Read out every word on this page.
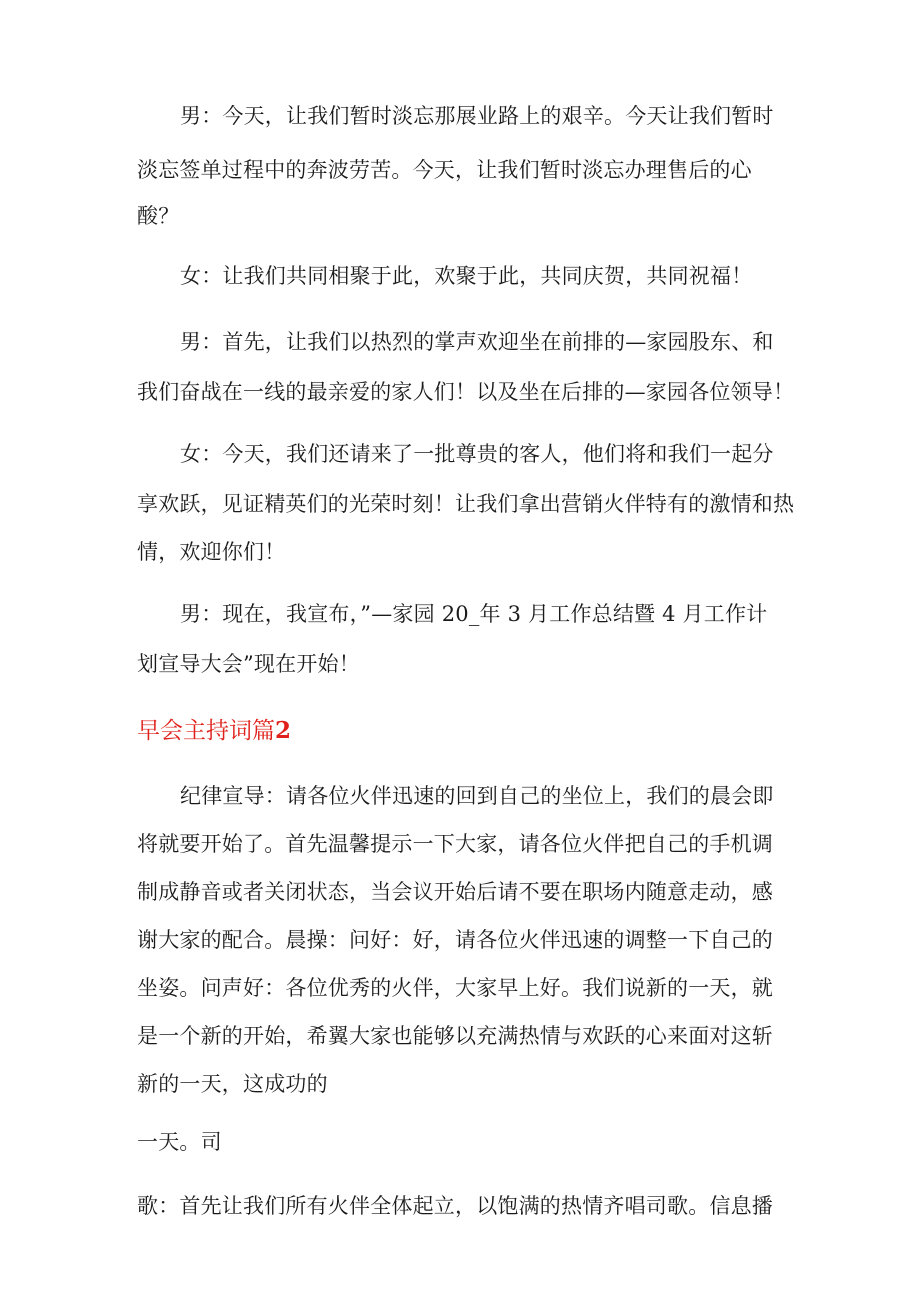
男：今天，让我们暂时淡忘那展业路上的艰辛。今天让我们暂时
淡忘签单过程中的奔波劳苦。今天，让我们暂时淡忘办理售后的心
酸？
女：让我们共同相聚于此，欢聚于此，共同庆贺，共同祝福！
男：首先，让我们以热烈的掌声欢迎坐在前排的—家园股东、和
我们奋战在一线的最亲爱的家人们！以及坐在后排的—家园各位领导！
女：今天，我们还请来了一批尊贵的客人，他们将和我们一起分
享欢跃，见证精英们的光荣时刻！让我们拿出营销火伴特有的激情和热
情，欢迎你们！
男：现在，我宣布，”—家园 20_年 3 月工作总结暨 4 月工作计
划宣导大会”现在开始！
早会主持词篇2
纪律宣导：请各位火伴迅速的回到自己的坐位上，我们的晨会即
将就要开始了。首先温馨提示一下大家，请各位火伴把自己的手机调
制成静音或者关闭状态，当会议开始后请不要在职场内随意走动，感
谢大家的配合。晨操：问好：好，请各位火伴迅速的调整一下自己的
坐姿。问声好：各位优秀的火伴，大家早上好。我们说新的一天，就
是一个新的开始，希翼大家也能够以充满热情与欢跃的心来面对这斩
新的一天，这成功的
一天。司
歌：首先让我们所有火伴全体起立，以饱满的热情齐唱司歌。信息播
